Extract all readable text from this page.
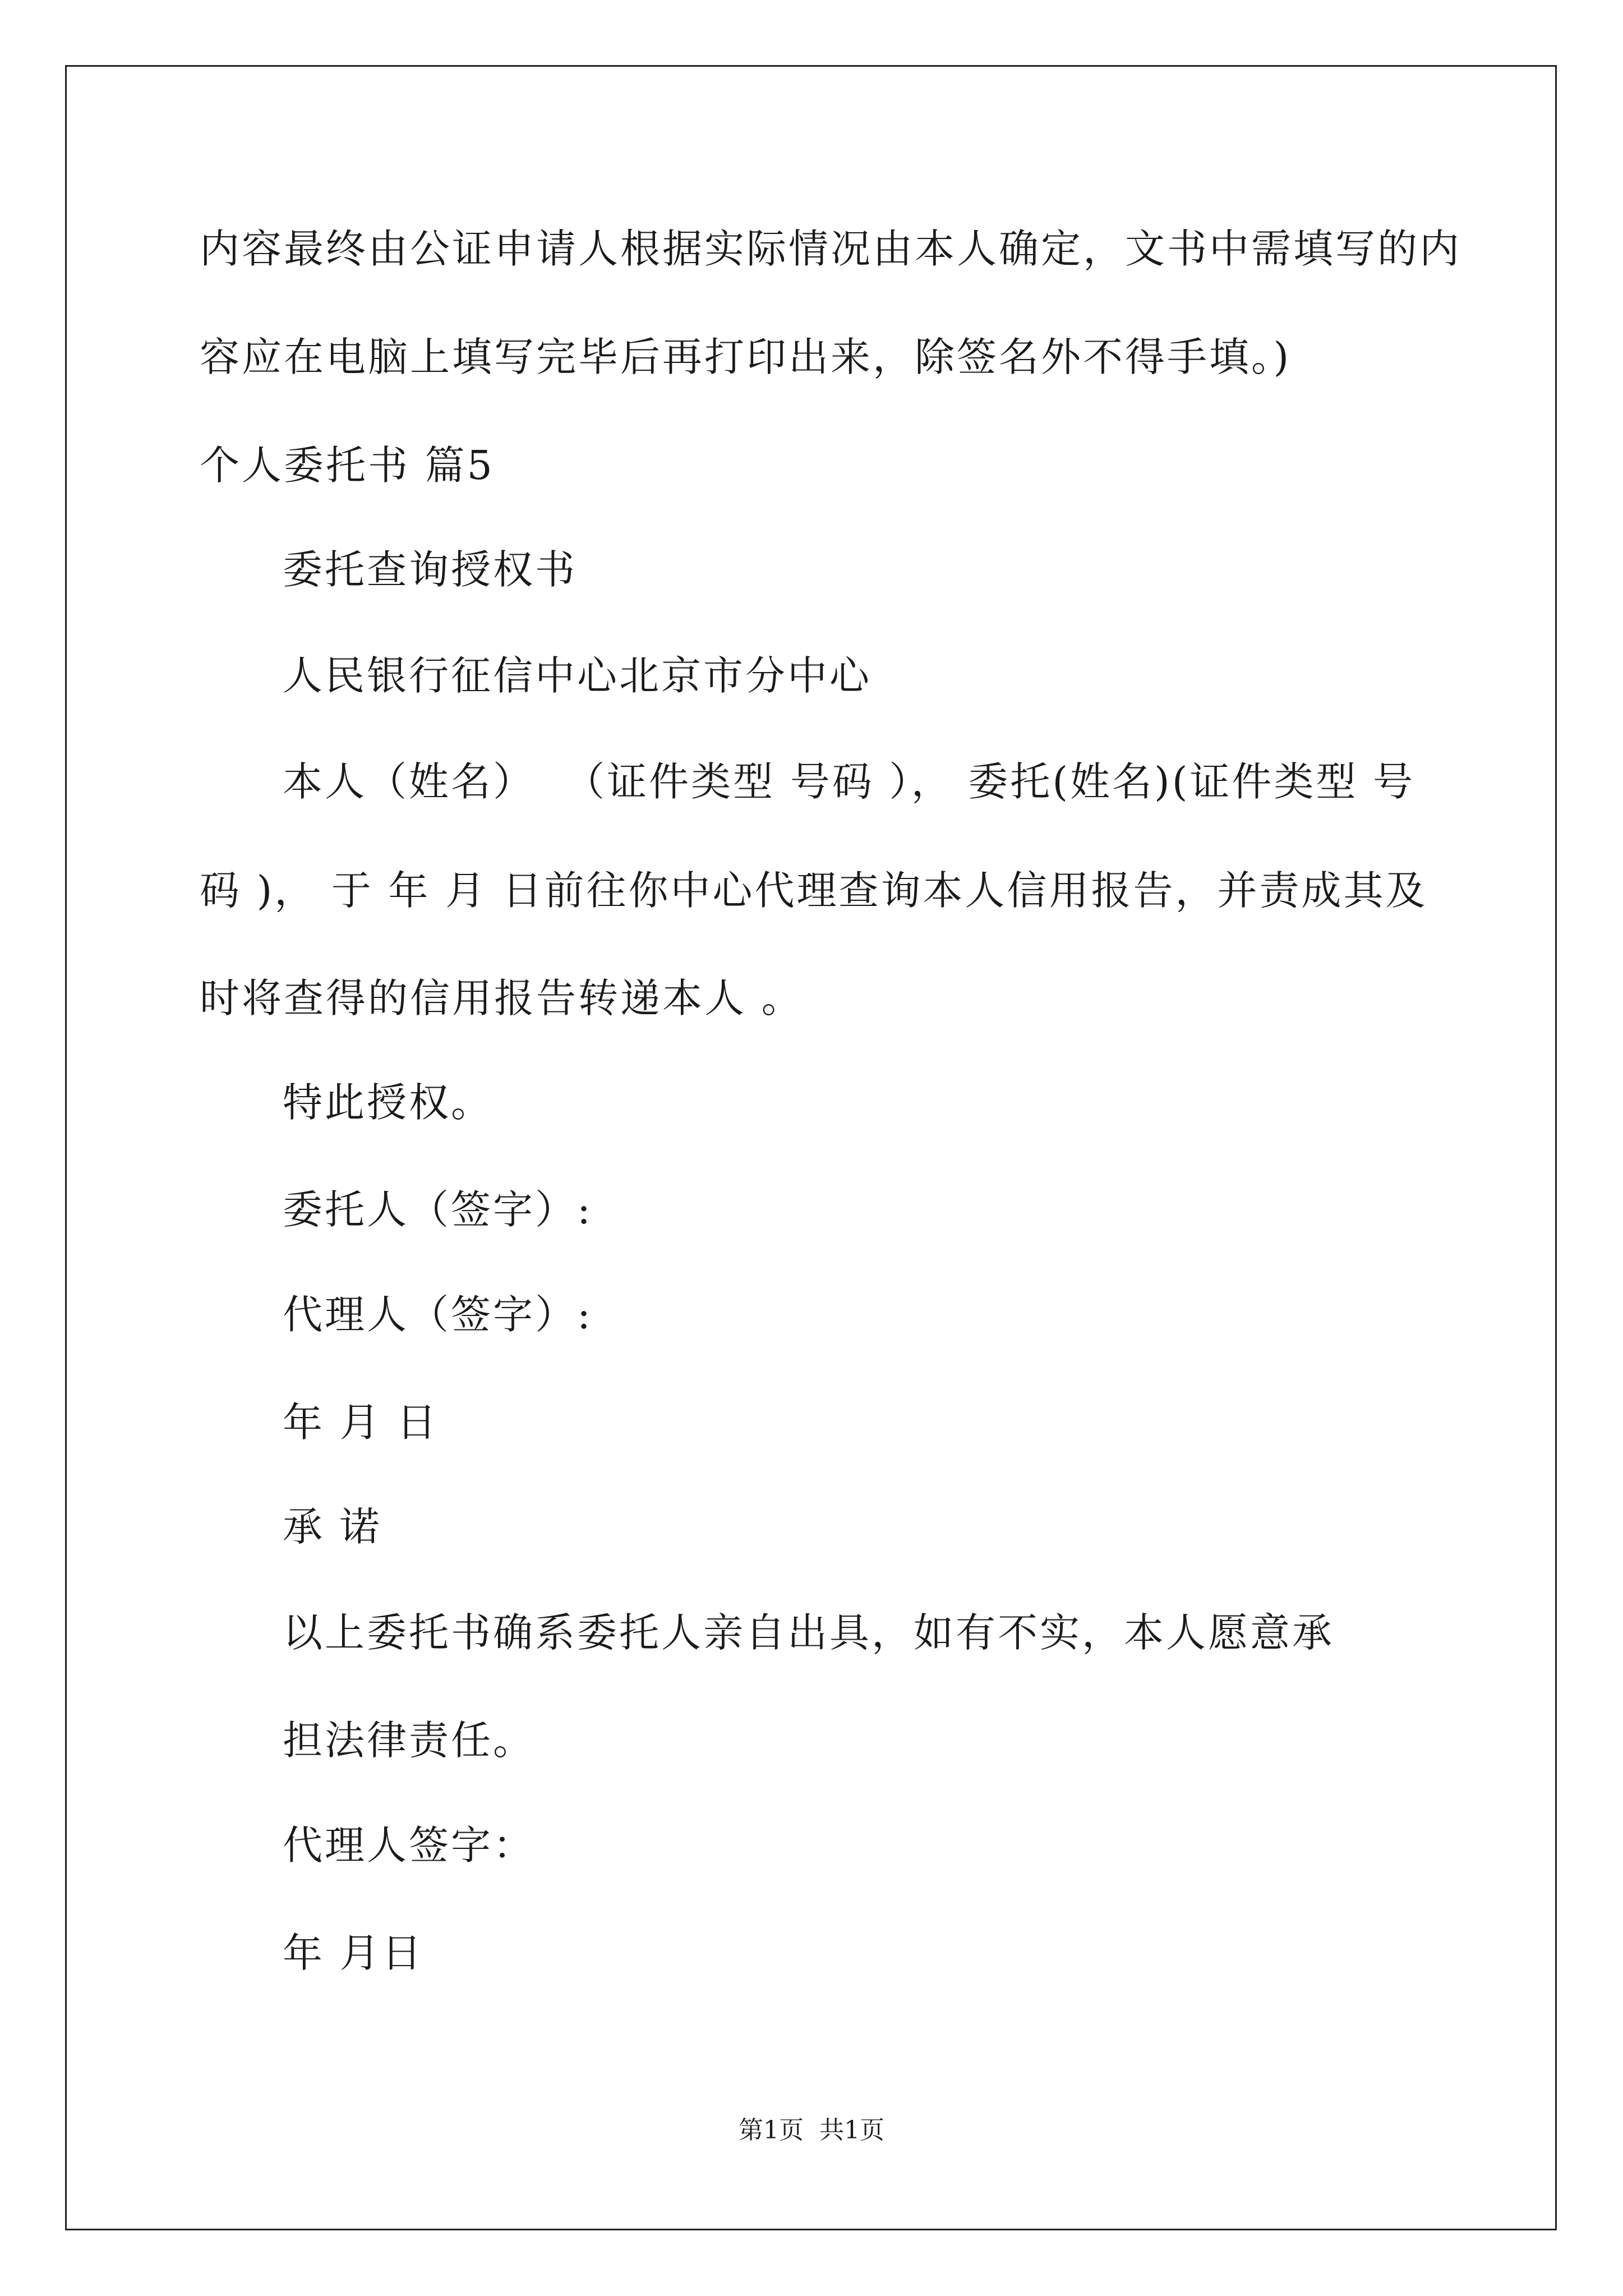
内容最终由公证申请人根据实际情况由本人确定，文书中需填写的内
容应在电脑上填写完毕后再打印出来，除签名外不得手填。)
个人委托书 篇5
委托查询授权书
人民银行征信中心北京市分中心
本人（姓名）  （证件类型 号码 ）， 委托(姓名)(证件类型 号
码 )， 于 年 月 日前往你中心代理查询本人信用报告，并责成其及
时将查得的信用报告转递本人 。
特此授权。
委托人（签字）:
代理人（签字）:
年 月 日
承 诺
以上委托书确系委托人亲自出具，如有不实，本人愿意承
担法律责任。
代理人签字：
年 月日
第1页  共1页
